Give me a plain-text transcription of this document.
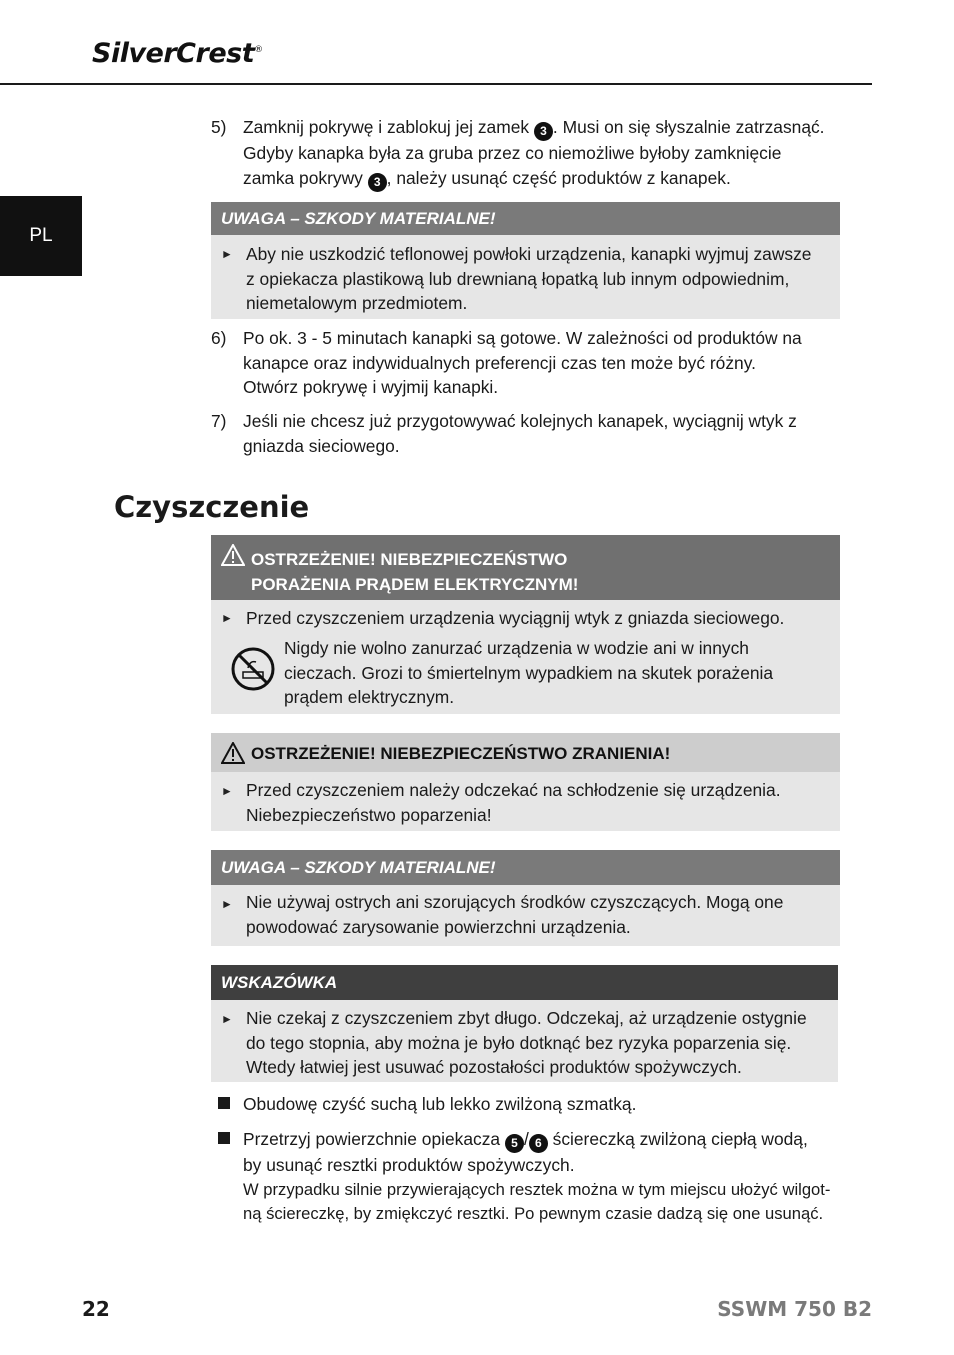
SilverCrest®
PL
5) Zamknij pokrywę i zablokuj jej zamek 3 . Musi on się słyszalnie zatrzasnąć.
Gdyby kanapka była za gruba przez co niemożliwe byłoby zamknięcie
zamka pokrywy 3 , należy usunąć część produktów z kanapek.
UWAGA – SZKODY MATERIALNE!
► Aby nie uszkodzić teflonowej powłoki urządzenia, kanapki wyjmuj zawsze
z opiekacza plastikową lub drewnianą łopatką lub innym odpowiednim,
niemetalowym przedmiotem.
6) Po ok. 3 - 5 minutach kanapki są gotowe. W zależności od produktów na
kanapce oraz indywidualnych preferencji czas ten może być różny.
Otwórz pokrywę i wyjmij kanapki.
7) Jeśli nie chcesz już przygotowywać kolejnych kanapek, wyciągnij wtyk z
gniazda sieciowego.
Czyszczenie
OSTRZEŻENIE! NIEBEZPIECZEŃSTWO
PORAŻENIA PRĄDEM ELEKTRYCZNYM!
► Przed czyszczeniem urządzenia wyciągnij wtyk z gniazda sieciowego.
Nigdy nie wolno zanurzać urządzenia w wodzie ani w innych
cieczach. Grozi to śmiertelnym wypadkiem na skutek porażenia
prądem elektrycznym.
OSTRZEŻENIE! NIEBEZPIECZEŃSTWO ZRANIENIA!
► Przed czyszczeniem należy odczekać na schłodzenie się urządzenia.
Niebezpieczeństwo poparzenia!
UWAGA – SZKODY MATERIALNE!
► Nie używaj ostrych ani szorujących środków czyszczących. Mogą one
powodować zarysowanie powierzchni urządzenia.
WSKAZÓWKA
► Nie czekaj z czyszczeniem zbyt długo. Odczekaj, aż urządzenie ostygnie
do tego stopnia, aby można je było dotknąć bez ryzyka poparzenia się.
Wtedy łatwiej jest usuwać pozostałości produktów spożywczych.
Obudowę czyść suchą lub lekko zwilżoną szmatką.
Przetrzyj powierzchnie opiekacza 5 / 6 ściereczką zwilżoną ciepłą wodą,
by usunąć resztki produktów spożywczych.
W przypadku silnie przywierających resztek można w tym miejscu ułożyć wilgot-
ną ściereczkę, by zmiękczyć resztki. Po pewnym czasie dadzą się one usunąć.
22	SSWM 750 B2
